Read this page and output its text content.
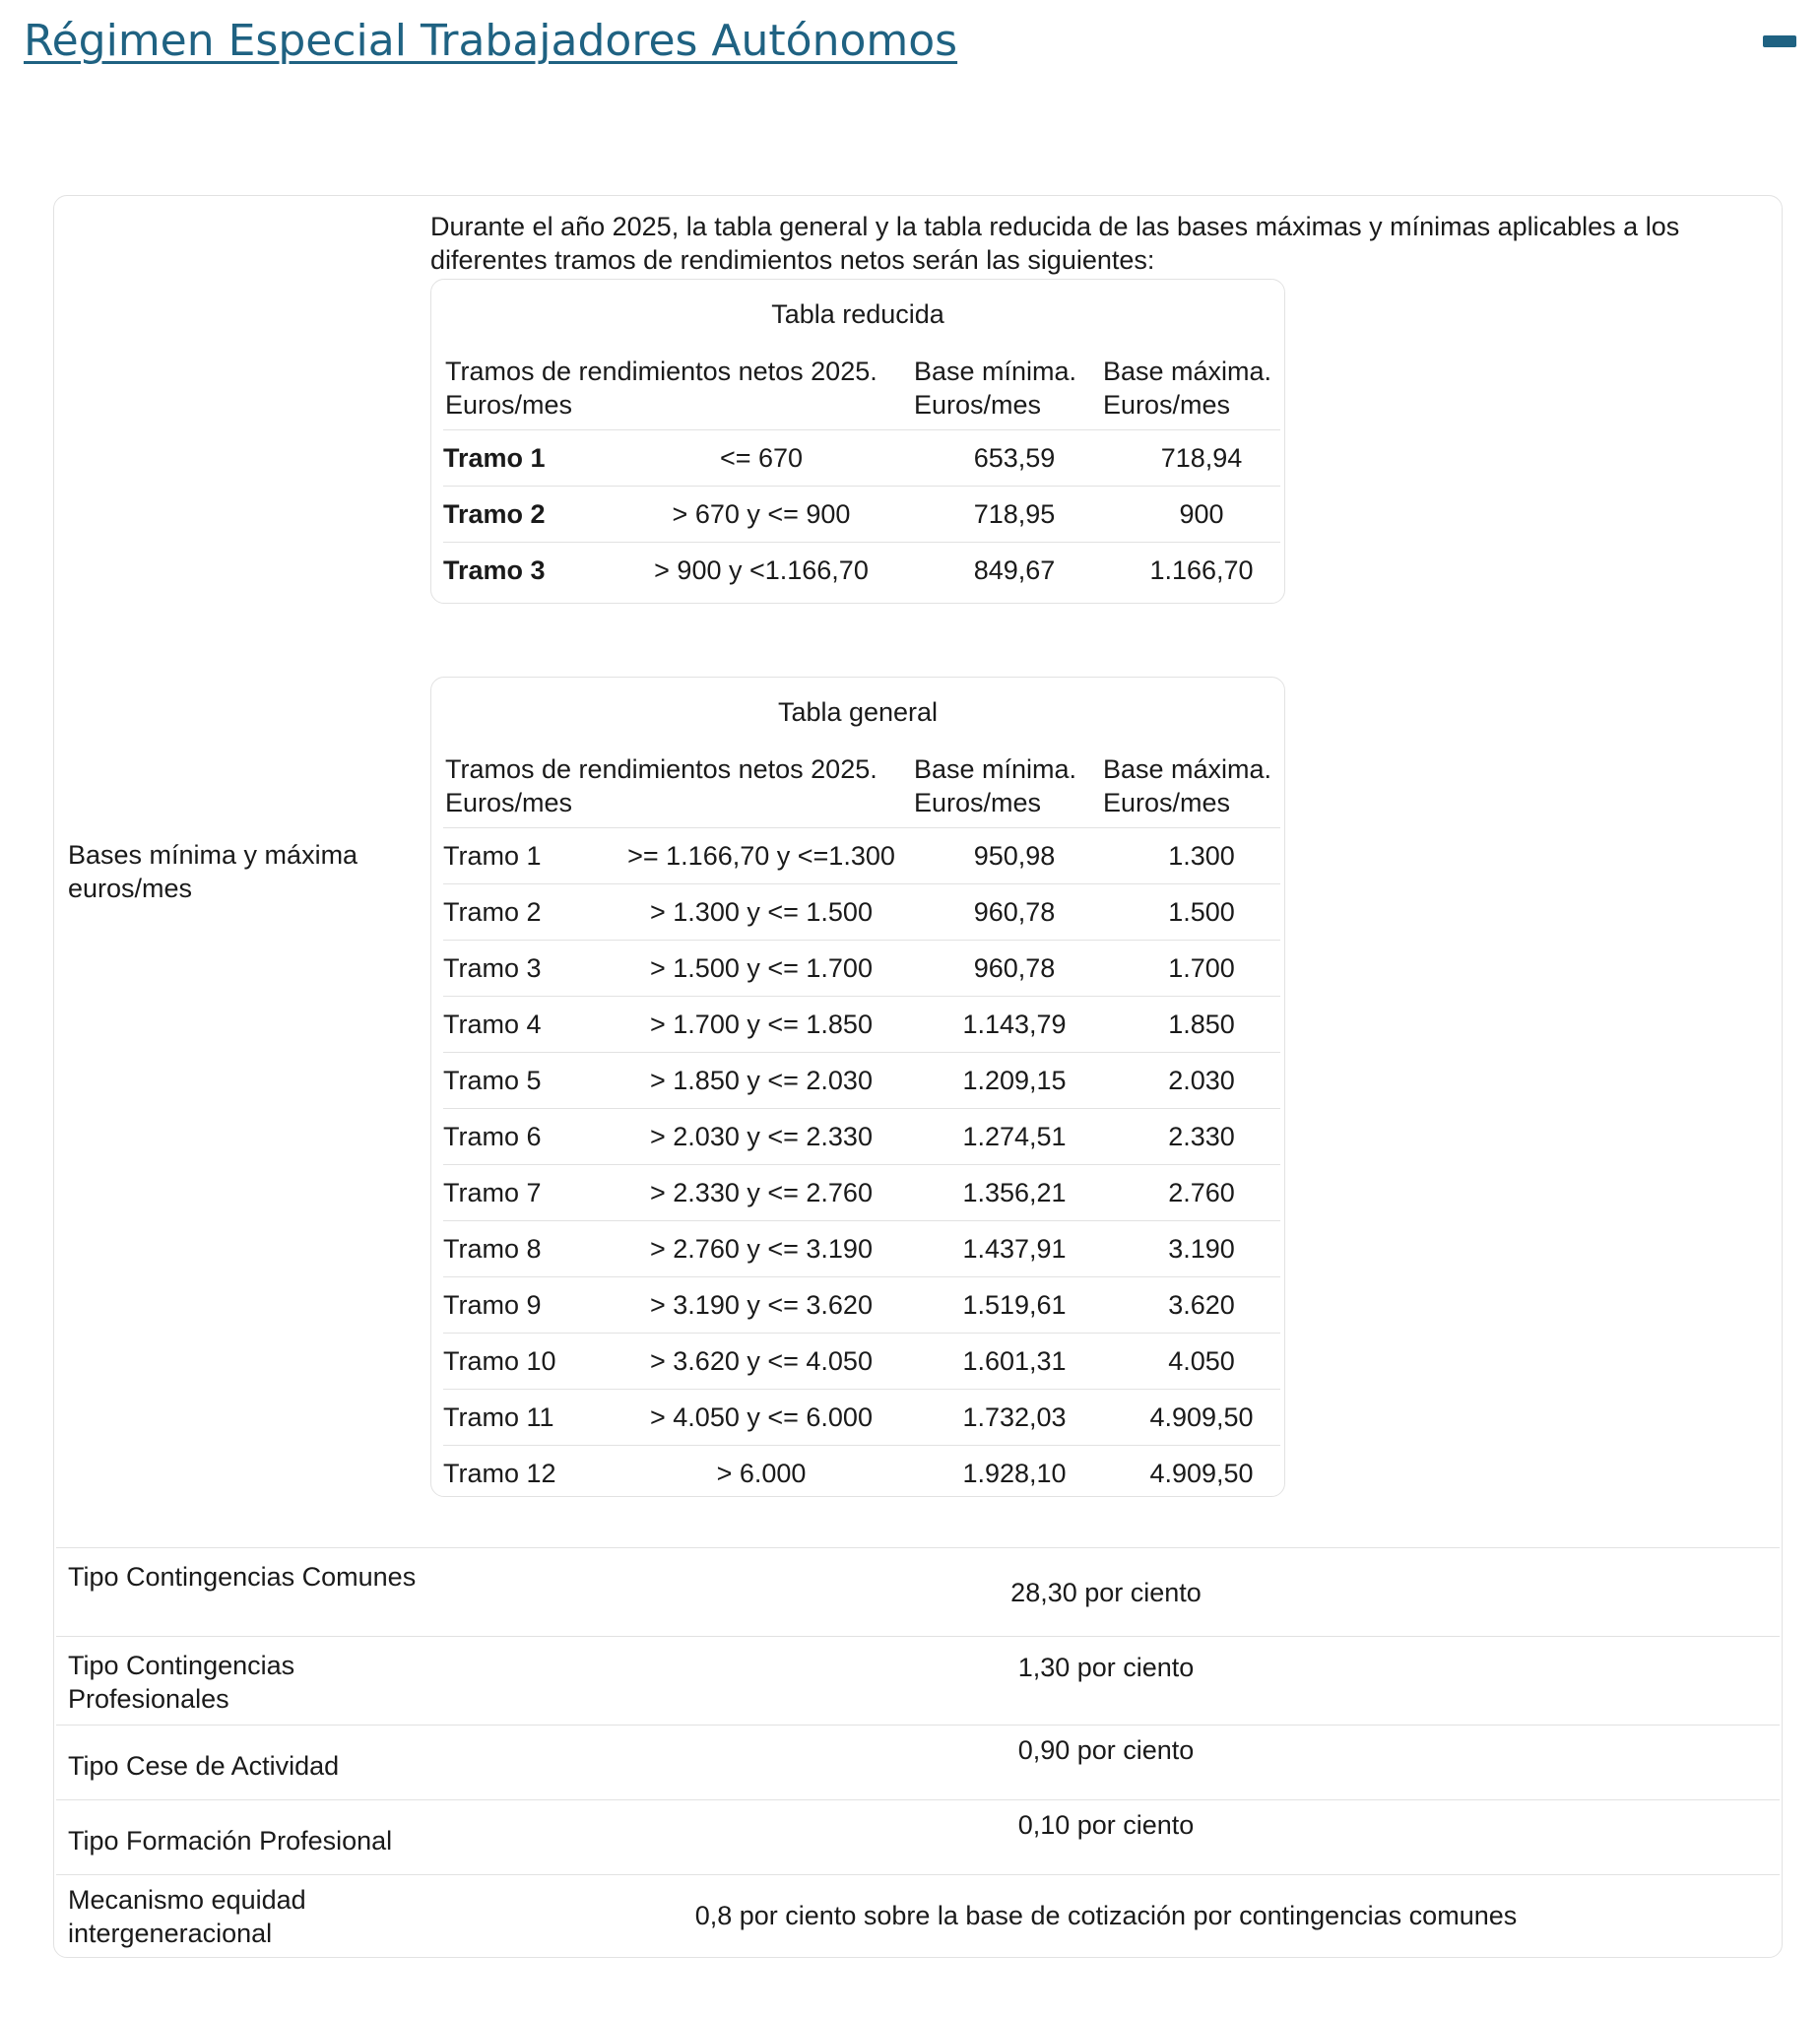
Régimen Especial Trabajadores Autónomos
Bases mínima y máxima euros/mes
Durante el año 2025, la tabla general y la tabla reducida de las bases máximas y mínimas aplicables a los diferentes tramos de rendimientos netos serán las siguientes:
Tabla reducida
Tramos de rendimientos netos 2025. Euros/mes
Base mínima. Euros/mes
Base máxima. Euros/mes
Tramo 1	<= 670	653,59	718,94
Tramo 2	> 670 y <= 900	718,95	900
Tramo 3	> 900 y <1.166,70	849,67	1.166,70
Tabla general
Tramos de rendimientos netos 2025. Euros/mes
Base mínima. Euros/mes
Base máxima. Euros/mes
Tramo 1	>= 1.166,70 y <=1.300	950,98	1.300
Tramo 2	> 1.300 y <= 1.500	960,78	1.500
Tramo 3	> 1.500 y <= 1.700	960,78	1.700
Tramo 4	> 1.700 y <= 1.850	1.143,79	1.850
Tramo 5	> 1.850 y <= 2.030	1.209,15	2.030
Tramo 6	> 2.030 y <= 2.330	1.274,51	2.330
Tramo 7	> 2.330 y <= 2.760	1.356,21	2.760
Tramo 8	> 2.760 y <= 3.190	1.437,91	3.190
Tramo 9	> 3.190 y <= 3.620	1.519,61	3.620
Tramo 10	> 3.620 y <= 4.050	1.601,31	4.050
Tramo 11	> 4.050 y <= 6.000	1.732,03	4.909,50
Tramo 12	> 6.000	1.928,10	4.909,50
Tipo Contingencias Comunes
28,30 por ciento
Tipo Contingencias Profesionales
1,30 por ciento
Tipo Cese de Actividad
0,90 por ciento
Tipo Formación Profesional
0,10 por ciento
Mecanismo equidad intergeneracional
0,8 por ciento sobre la base de cotización por contingencias comunes
